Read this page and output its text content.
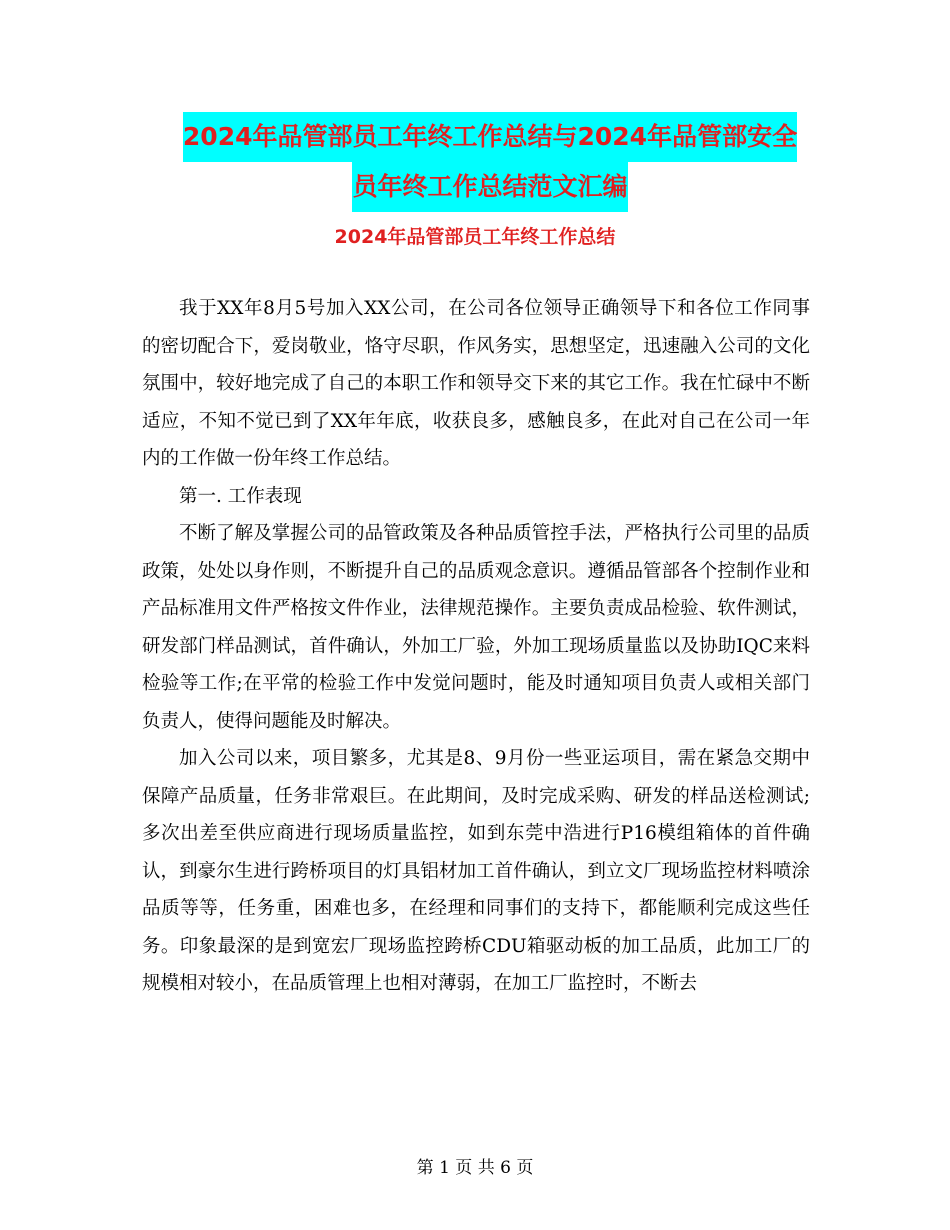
2024年品管部员工年终工作总结与2024年品管部安全
员年终工作总结范文汇编
2024年品管部员工年终工作总结

我于XX年8月5号加入XX公司，在公司各位领导正确领导下和各位工作同事的密切配合下，爱岗敬业，恪守尽职，作风务实，思想坚定，迅速融入公司的文化氛围中，较好地完成了自己的本职工作和领导交下来的其它工作。我在忙碌中不断适应，不知不觉已到了XX年年底，收获良多，感触良多，在此对自己在公司一年内的工作做一份年终工作总结。

第一. 工作表现

不断了解及掌握公司的品管政策及各种品质管控手法，严格执行公司里的品质政策，处处以身作则，不断提升自己的品质观念意识。遵循品管部各个控制作业和产品标准用文件严格按文件作业，法律规范操作。主要负责成品检验、软件测试，研发部门样品测试，首件确认，外加工厂验，外加工现场质量监以及协助IQC来料检验等工作;在平常的检验工作中发觉问题时，能及时通知项目负责人或相关部门负责人，使得问题能及时解决。

加入公司以来，项目繁多，尤其是8、9月份一些亚运项目，需在紧急交期中保障产品质量，任务非常艰巨。在此期间，及时完成采购、研发的样品送检测试;多次出差至供应商进行现场质量监控，如到东莞中浩进行P16模组箱体的首件确认，到豪尔生进行跨桥项目的灯具铝材加工首件确认，到立文厂现场监控材料喷涂品质等等，任务重，困难也多，在经理和同事们的支持下，都能顺利完成这些任务。印象最深的是到宽宏厂现场监控跨桥CDU箱驱动板的加工品质，此加工厂的规模相对较小，在品质管理上也相对薄弱，在加工厂监控时，不断去

第 1 页 共 6 页
